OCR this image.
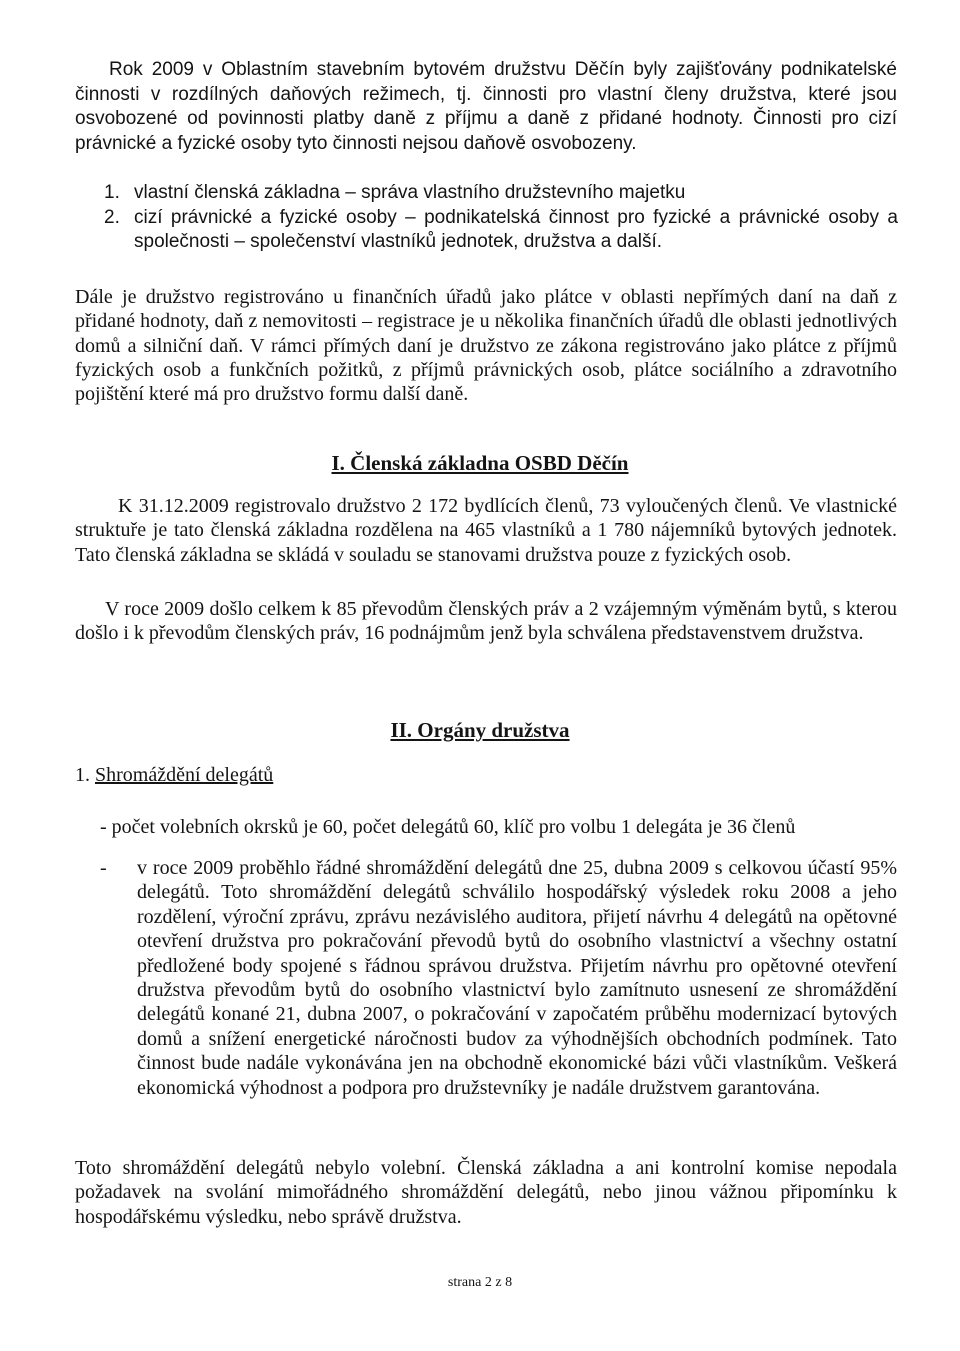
Rok 2009 v Oblastním stavebním bytovém družstvu Děčín byly zajišťovány podnikatelské činnosti v rozdílných daňových režimech, tj. činnosti pro vlastní členy družstva, které jsou osvobozené od povinnosti platby daně z příjmu a daně z přidané hodnoty. Činnosti pro cizí právnické a fyzické osoby tyto činnosti nejsou daňově osvobozeny.

1. vlastní členská základna – správa vlastního družstevního majetku
2. cizí právnické a fyzické osoby – podnikatelská činnost pro fyzické a právnické osoby a společnosti – společenství vlastníků jednotek, družstva a další.

Dále je družstvo registrováno u finančních úřadů jako plátce v oblasti nepřímých daní na daň z přidané hodnoty, daň z nemovitosti – registrace je u několika finančních úřadů dle oblasti jednotlivých domů a silniční daň. V rámci přímých daní je družstvo ze zákona registrováno jako plátce z příjmů fyzických osob a funkčních požitků, z příjmů právnických osob, plátce sociálního a zdravotního pojištění které má pro družstvo formu další daně.

I. Členská základna OSBD Děčín

K 31.12.2009 registrovalo družstvo 2 172 bydlících členů, 73 vyloučených členů. Ve vlastnické struktuře je tato členská základna rozdělena na 465 vlastníků a 1 780 nájemníků bytových jednotek. Tato členská základna se skládá v souladu se stanovami družstva pouze z fyzických osob.

V roce 2009 došlo celkem k 85 převodům členských práv a 2 vzájemným výměnám bytů, s kterou došlo i k převodům členských práv, 16 podnájmům jenž byla schválena představenstvem družstva.

II. Orgány družstva
1. Shromáždění delegátů
- počet volebních okrsků je 60, počet delegátů 60, klíč pro volbu 1 delegáta je 36 členů
- v roce 2009 proběhlo řádné shromáždění delegátů dne 25, dubna 2009 s celkovou účastí 95% delegátů. Toto shromáždění delegátů schválilo hospodářský výsledek roku 2008 a jeho rozdělení, výroční zprávu, zprávu nezávislého auditora, přijetí návrhu 4 delegátů na opětovné otevření družstva pro pokračování převodů bytů do osobního vlastnictví a všechny ostatní předložené body spojené s řádnou správou družstva. Přijetím návrhu pro opětovné otevření družstva převodům bytů do osobního vlastnictví bylo zamítnuto usnesení ze shromáždění delegátů konané 21, dubna 2007, o pokračování v započatém průběhu modernizací bytových domů a snížení energetické náročnosti budov za výhodnějších obchodních podmínek. Tato činnost bude nadále vykonávána jen na obchodně ekonomické bázi vůči vlastníkům. Veškerá ekonomická výhodnost a podpora pro družstevníky je nadále družstvem garantována.

Toto shromáždění delegátů nebylo volební. Členská základna a ani kontrolní komise nepodala požadavek na svolání mimořádného shromáždění delegátů, nebo jinou vážnou připomínku k hospodářskému výsledku, nebo správě družstva.

strana 2 z 8
